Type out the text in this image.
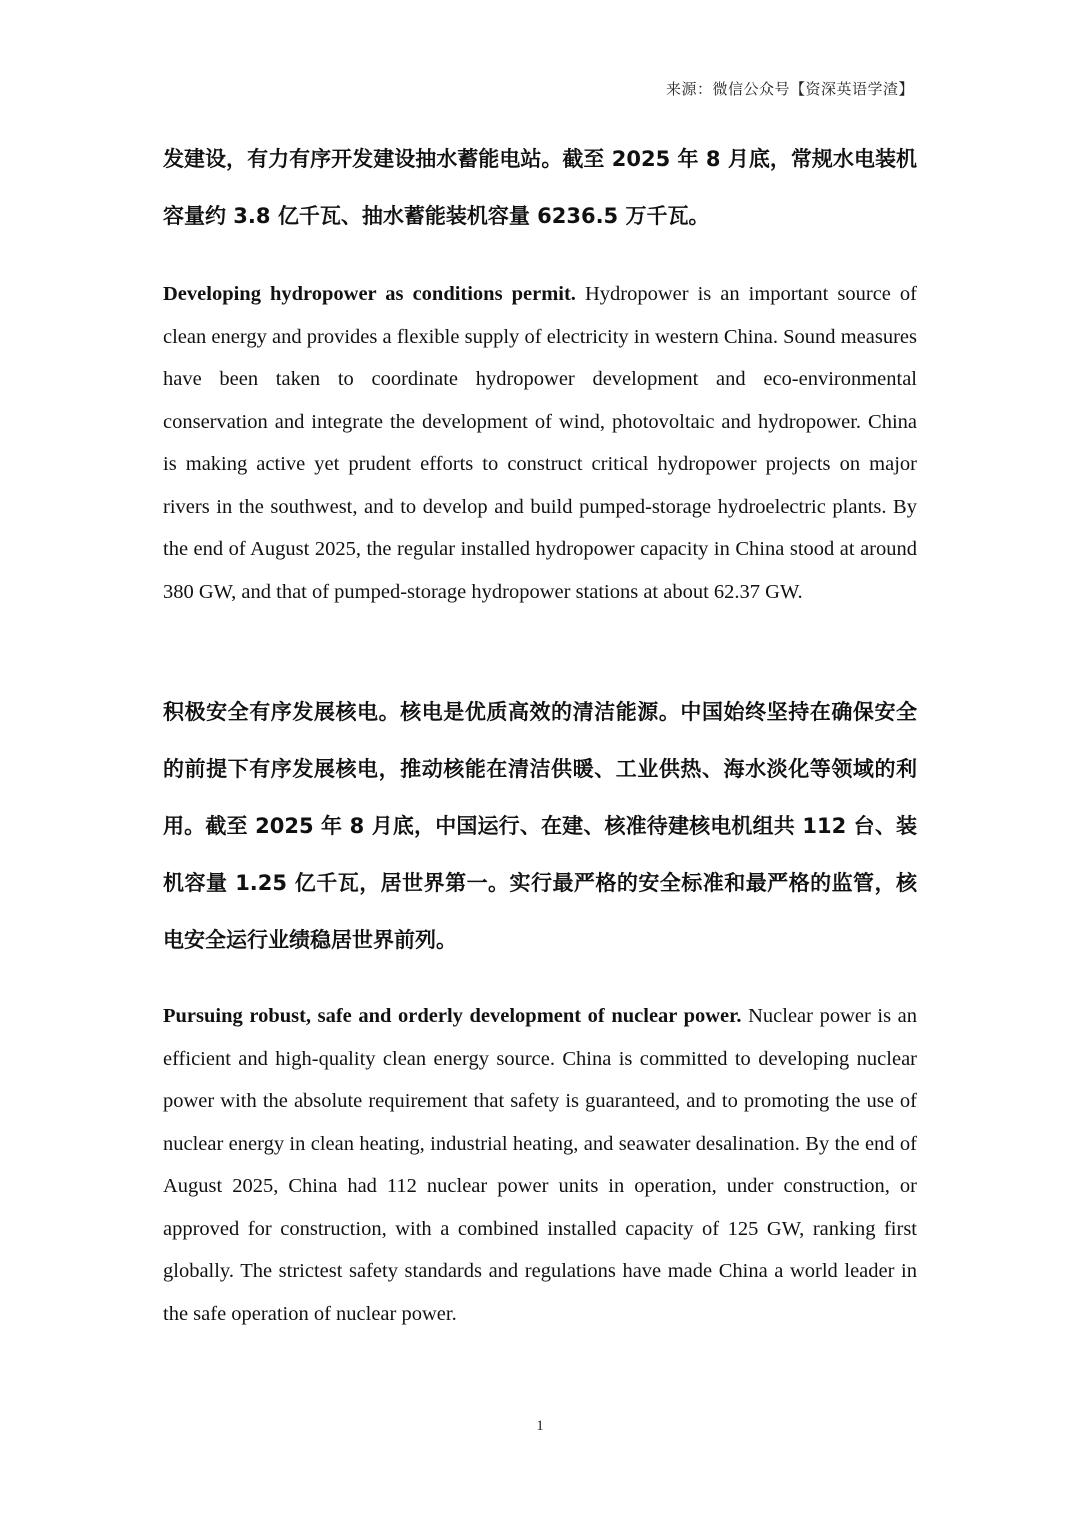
来源：微信公众号【资深英语学渣】

发建设，有力有序开发建设抽水蓄能电站。截至 2025 年 8 月底，常规水电装机容量约 3.8 亿千瓦、抽水蓄能装机容量 6236.5 万千瓦。

Developing hydropower as conditions permit. Hydropower is an important source of clean energy and provides a flexible supply of electricity in western China. Sound measures have been taken to coordinate hydropower development and eco-environmental conservation and integrate the development of wind, photovoltaic and hydropower. China is making active yet prudent efforts to construct critical hydropower projects on major rivers in the southwest, and to develop and build pumped-storage hydroelectric plants. By the end of August 2025, the regular installed hydropower capacity in China stood at around 380 GW, and that of pumped-storage hydropower stations at about 62.37 GW.

积极安全有序发展核电。核电是优质高效的清洁能源。中国始终坚持在确保安全的前提下有序发展核电，推动核能在清洁供暖、工业供热、海水淡化等领域的利用。截至 2025 年 8 月底，中国运行、在建、核准待建核电机组共 112 台、装机容量 1.25 亿千瓦，居世界第一。实行最严格的安全标准和最严格的监管，核电安全运行业绩稳居世界前列。

Pursuing robust, safe and orderly development of nuclear power. Nuclear power is an efficient and high-quality clean energy source. China is committed to developing nuclear power with the absolute requirement that safety is guaranteed, and to promoting the use of nuclear energy in clean heating, industrial heating, and seawater desalination. By the end of August 2025, China had 112 nuclear power units in operation, under construction, or approved for construction, with a combined installed capacity of 125 GW, ranking first globally. The strictest safety standards and regulations have made China a world leader in the safe operation of nuclear power.

1
